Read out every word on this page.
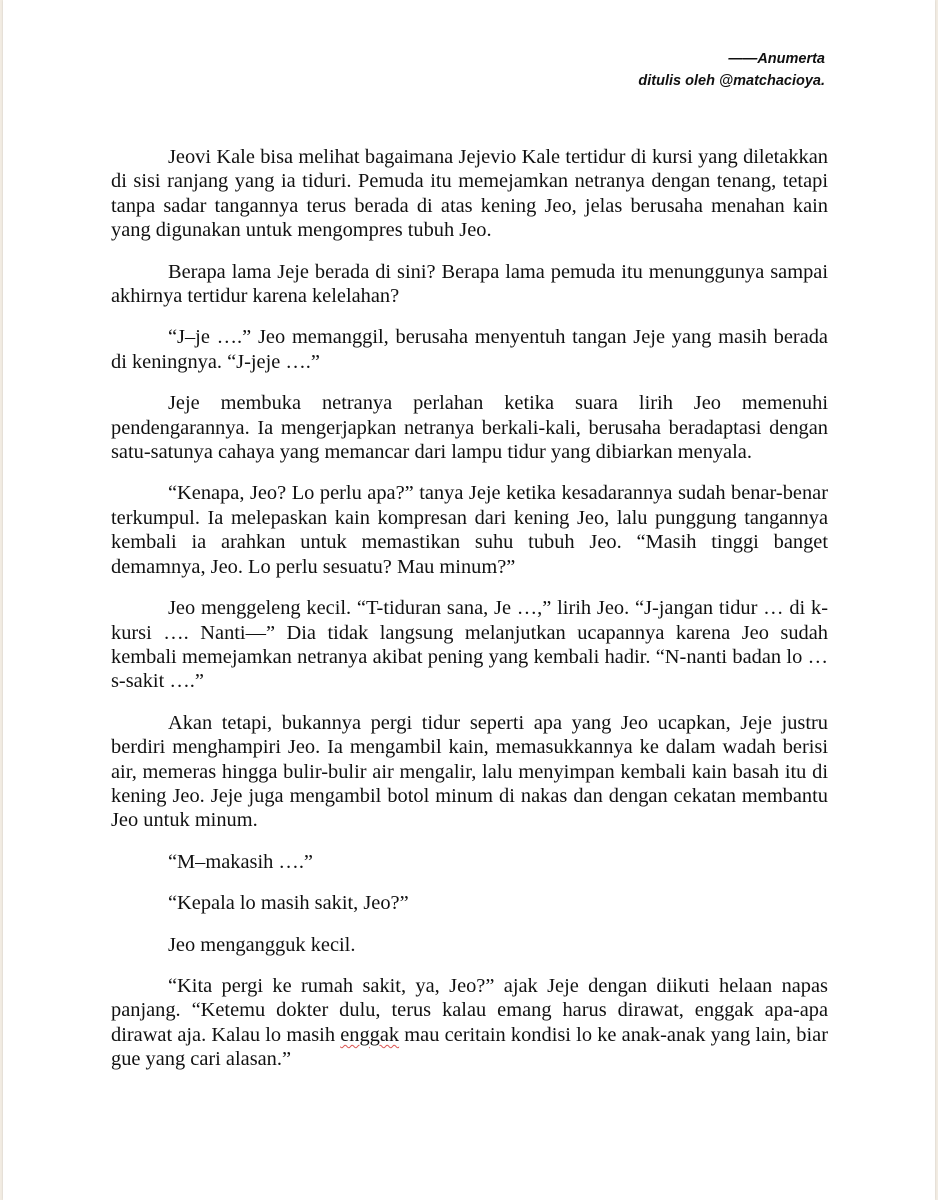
——Anumerta
ditulis oleh @matchacioya.

Jeovi Kale bisa melihat bagaimana Jejevio Kale tertidur di kursi yang diletakkan di sisi ranjang yang ia tiduri. Pemuda itu memejamkan netranya dengan tenang, tetapi tanpa sadar tangannya terus berada di atas kening Jeo, jelas berusaha menahan kain yang digunakan untuk mengompres tubuh Jeo.

Berapa lama Jeje berada di sini? Berapa lama pemuda itu menunggunya sampai akhirnya tertidur karena kelelahan?

“J–je ….” Jeo memanggil, berusaha menyentuh tangan Jeje yang masih berada di keningnya. “J-jeje ….”

Jeje membuka netranya perlahan ketika suara lirih Jeo memenuhi pendengarannya. Ia mengerjapkan netranya berkali-kali, berusaha beradaptasi dengan satu-satunya cahaya yang memancar dari lampu tidur yang dibiarkan menyala.

“Kenapa, Jeo? Lo perlu apa?” tanya Jeje ketika kesadarannya sudah benar-benar terkumpul. Ia melepaskan kain kompresan dari kening Jeo, lalu punggung tangannya kembali ia arahkan untuk memastikan suhu tubuh Jeo. “Masih tinggi banget demamnya, Jeo. Lo perlu sesuatu? Mau minum?”

Jeo menggeleng kecil. “T-tiduran sana, Je …,” lirih Jeo. “J-jangan tidur … di k-kursi …. Nanti—” Dia tidak langsung melanjutkan ucapannya karena Jeo sudah kembali memejamkan netranya akibat pening yang kembali hadir. “N-nanti badan lo … s-sakit ….”

Akan tetapi, bukannya pergi tidur seperti apa yang Jeo ucapkan, Jeje justru berdiri menghampiri Jeo. Ia mengambil kain, memasukkannya ke dalam wadah berisi air, memeras hingga bulir-bulir air mengalir, lalu menyimpan kembali kain basah itu di kening Jeo. Jeje juga mengambil botol minum di nakas dan dengan cekatan membantu Jeo untuk minum.

“M–makasih ….”

“Kepala lo masih sakit, Jeo?”

Jeo mengangguk kecil.

“Kita pergi ke rumah sakit, ya, Jeo?” ajak Jeje dengan diikuti helaan napas panjang. “Ketemu dokter dulu, terus kalau emang harus dirawat, enggak apa-apa dirawat aja. Kalau lo masih enggak mau ceritain kondisi lo ke anak-anak yang lain, biar gue yang cari alasan.”
